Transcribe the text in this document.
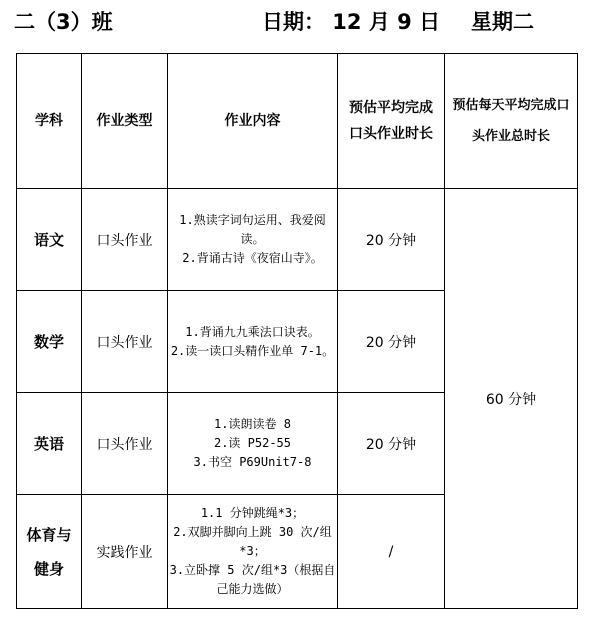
二（3）班	日期： 12 月 9 日 星期二
学科	作业类型	作业内容	预估平均完成口头作业时长	预估每天平均完成口头作业总时长

语文	口头作业	1.熟读字词句运用、我爱阅读。
2.背诵古诗《夜宿山寺》。	20 分钟	60 分钟
数学	口头作业	1.背诵九九乘法口诀表。
2.读一读口头精作业单 7-1。	20 分钟	
英语	口头作业	1.读朗读卷 8
2.读 P52-55
3.书空 P69Unit7-8	20 分钟	

体育与健身	实践作业	1.1 分钟跳绳*3；
2.双脚并脚向上跳 30 次/组*3；
3.立卧撑 5 次/组*3（根据自己能力选做）	/	
